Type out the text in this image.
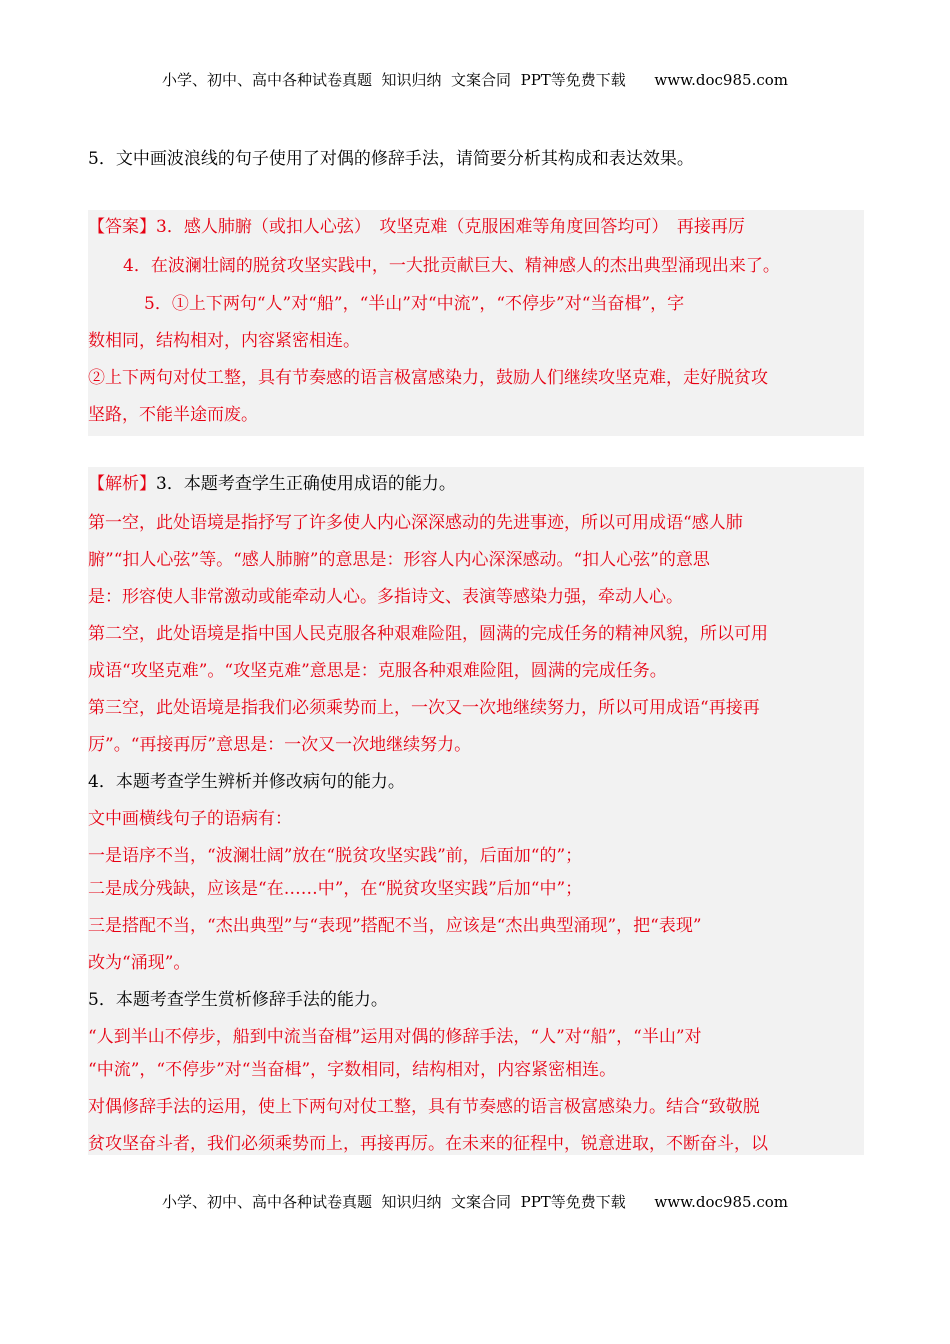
小学、初中、高中各种试卷真题  知识归纳  文案合同  PPT等免费下载      www.doc985.com
5．文中画波浪线的句子使用了对偶的修辞手法，请简要分析其构成和表达效果。
【答案】3．感人肺腑（或扣人心弦）　攻坚克难（克服困难等角度回答均可）　再接再厉
4．在波澜壮阔的脱贫攻坚实践中，一大批贡献巨大、精神感人的杰出典型涌现出来了。
5．①上下两句“人”对“船”，“半山”对“中流”，“不停步”对“当奋楫”，字
数相同，结构相对，内容紧密相连。
②上下两句对仗工整，具有节奏感的语言极富感染力，鼓励人们继续攻坚克难，走好脱贫攻
坚路，不能半途而废。
【解析】3．本题考查学生正确使用成语的能力。
第一空，此处语境是指抒写了许多使人内心深深感动的先进事迹，所以可用成语“感人肺
腑”“扣人心弦”等。“感人肺腑”的意思是：形容人内心深深感动。“扣人心弦”的意思
是：形容使人非常激动或能牵动人心。多指诗文、表演等感染力强，牵动人心。
第二空，此处语境是指中国人民克服各种艰难险阻，圆满的完成任务的精神风貌，所以可用
成语“攻坚克难”。“攻坚克难”意思是：克服各种艰难险阻，圆满的完成任务。
第三空，此处语境是指我们必须乘势而上，一次又一次地继续努力，所以可用成语“再接再
厉”。“再接再厉”意思是：一次又一次地继续努力。
4．本题考查学生辨析并修改病句的能力。
文中画横线句子的语病有：
一是语序不当，“波澜壮阔”放在“脱贫攻坚实践”前，后面加“的”；
二是成分残缺，应该是“在……中”，在“脱贫攻坚实践”后加“中”；
三是搭配不当，“杰出典型”与“表现”搭配不当，应该是“杰出典型涌现”，把“表现”
改为“涌现”。
5．本题考查学生赏析修辞手法的能力。
“人到半山不停步，船到中流当奋楫”运用对偶的修辞手法，“人”对“船”，“半山”对
“中流”，“不停步”对“当奋楫”，字数相同，结构相对，内容紧密相连。
对偶修辞手法的运用，使上下两句对仗工整，具有节奏感的语言极富感染力。结合“致敬脱
贫攻坚奋斗者，我们必须乘势而上，再接再厉。在未来的征程中，锐意进取，不断奋斗，以
小学、初中、高中各种试卷真题  知识归纳  文案合同  PPT等免费下载      www.doc985.com
